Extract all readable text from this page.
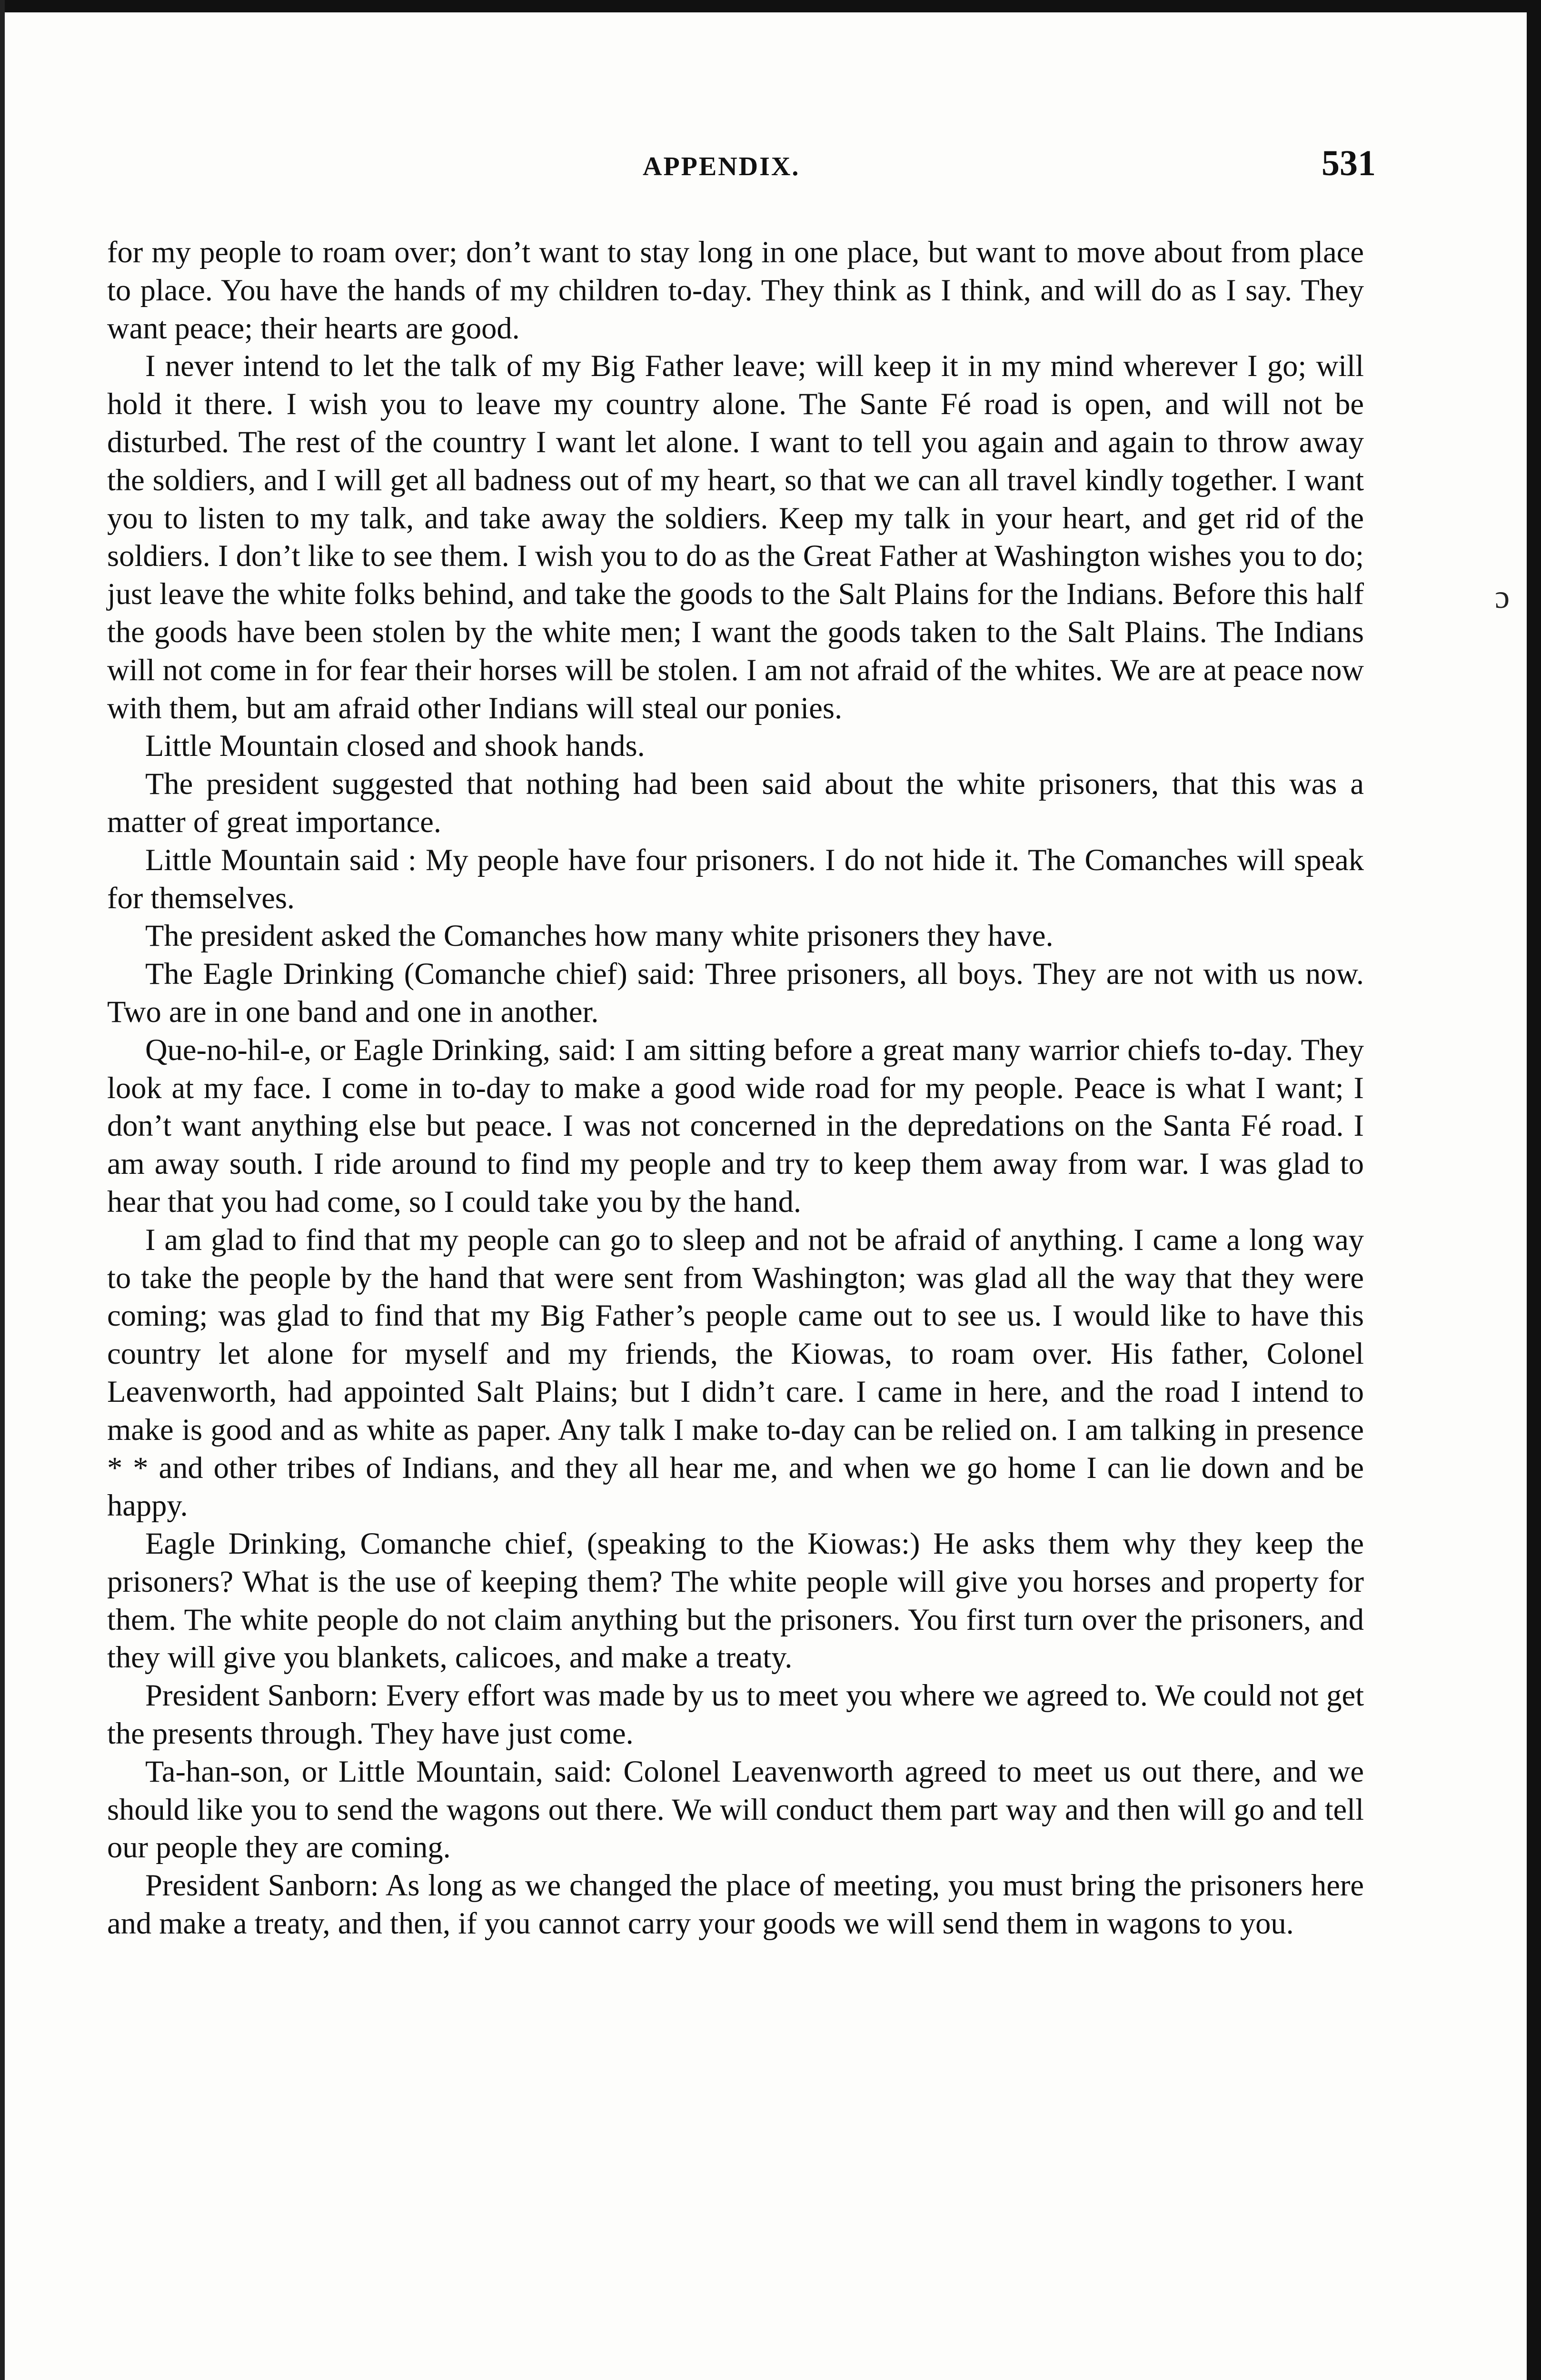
APPENDIX.	531
ɔ

for my people to roam over; don’t want to stay long in one place, but want to move about from place to place. You have the hands of my children to-day. They think as I think, and will do as I say. They want peace; their hearts are good.

I never intend to let the talk of my Big Father leave; will keep it in my mind wherever I go; will hold it there. I wish you to leave my country alone. The Sante Fé road is open, and will not be disturbed. The rest of the country I want let alone. I want to tell you again and again to throw away the soldiers, and I will get all badness out of my heart, so that we can all travel kindly together. I want you to listen to my talk, and take away the soldiers. Keep my talk in your heart, and get rid of the soldiers. I don’t like to see them. I wish you to do as the Great Father at Washington wishes you to do; just leave the white folks behind, and take the goods to the Salt Plains for the Indians. Before this half the goods have been stolen by the white men; I want the goods taken to the Salt Plains. The Indians will not come in for fear their horses will be stolen. I am not afraid of the whites. We are at peace now with them, but am afraid other Indians will steal our ponies.

Little Mountain closed and shook hands.

The president suggested that nothing had been said about the white prisoners, that this was a matter of great importance.

Little Mountain said : My people have four prisoners. I do not hide it. The Comanches will speak for themselves.

The president asked the Comanches how many white prisoners they have.

The Eagle Drinking (Comanche chief) said: Three prisoners, all boys. They are not with us now. Two are in one band and one in another.

Que-no-hil-e, or Eagle Drinking, said: I am sitting before a great many warrior chiefs to-day. They look at my face. I come in to-day to make a good wide road for my people. Peace is what I want; I don’t want anything else but peace. I was not concerned in the depredations on the Santa Fé road. I am away south. I ride around to find my people and try to keep them away from war. I was glad to hear that you had come, so I could take you by the hand.

I am glad to find that my people can go to sleep and not be afraid of anything. I came a long way to take the people by the hand that were sent from Washington; was glad all the way that they were coming; was glad to find that my Big Father’s people came out to see us. I would like to have this country let alone for myself and my friends, the Kiowas, to roam over. His father, Colonel Leavenworth, had appointed Salt Plains; but I didn’t care. I came in here, and the road I intend to make is good and as white as paper. Any talk I make to-day can be relied on. I am talking in presence * * and other tribes of Indians, and they all hear me, and when we go home I can lie down and be happy.

Eagle Drinking, Comanche chief, (speaking to the Kiowas:) He asks them why they keep the prisoners? What is the use of keeping them? The white people will give you horses and property for them. The white people do not claim anything but the prisoners. You first turn over the prisoners, and they will give you blankets, calicoes, and make a treaty.

President Sanborn: Every effort was made by us to meet you where we agreed to. We could not get the presents through. They have just come.

Ta-han-son, or Little Mountain, said: Colonel Leavenworth agreed to meet us out there, and we should like you to send the wagons out there. We will conduct them part way and then will go and tell our people they are coming.

President Sanborn: As long as we changed the place of meeting, you must bring the prisoners here and make a treaty, and then, if you cannot carry your goods we will send them in wagons to you.
